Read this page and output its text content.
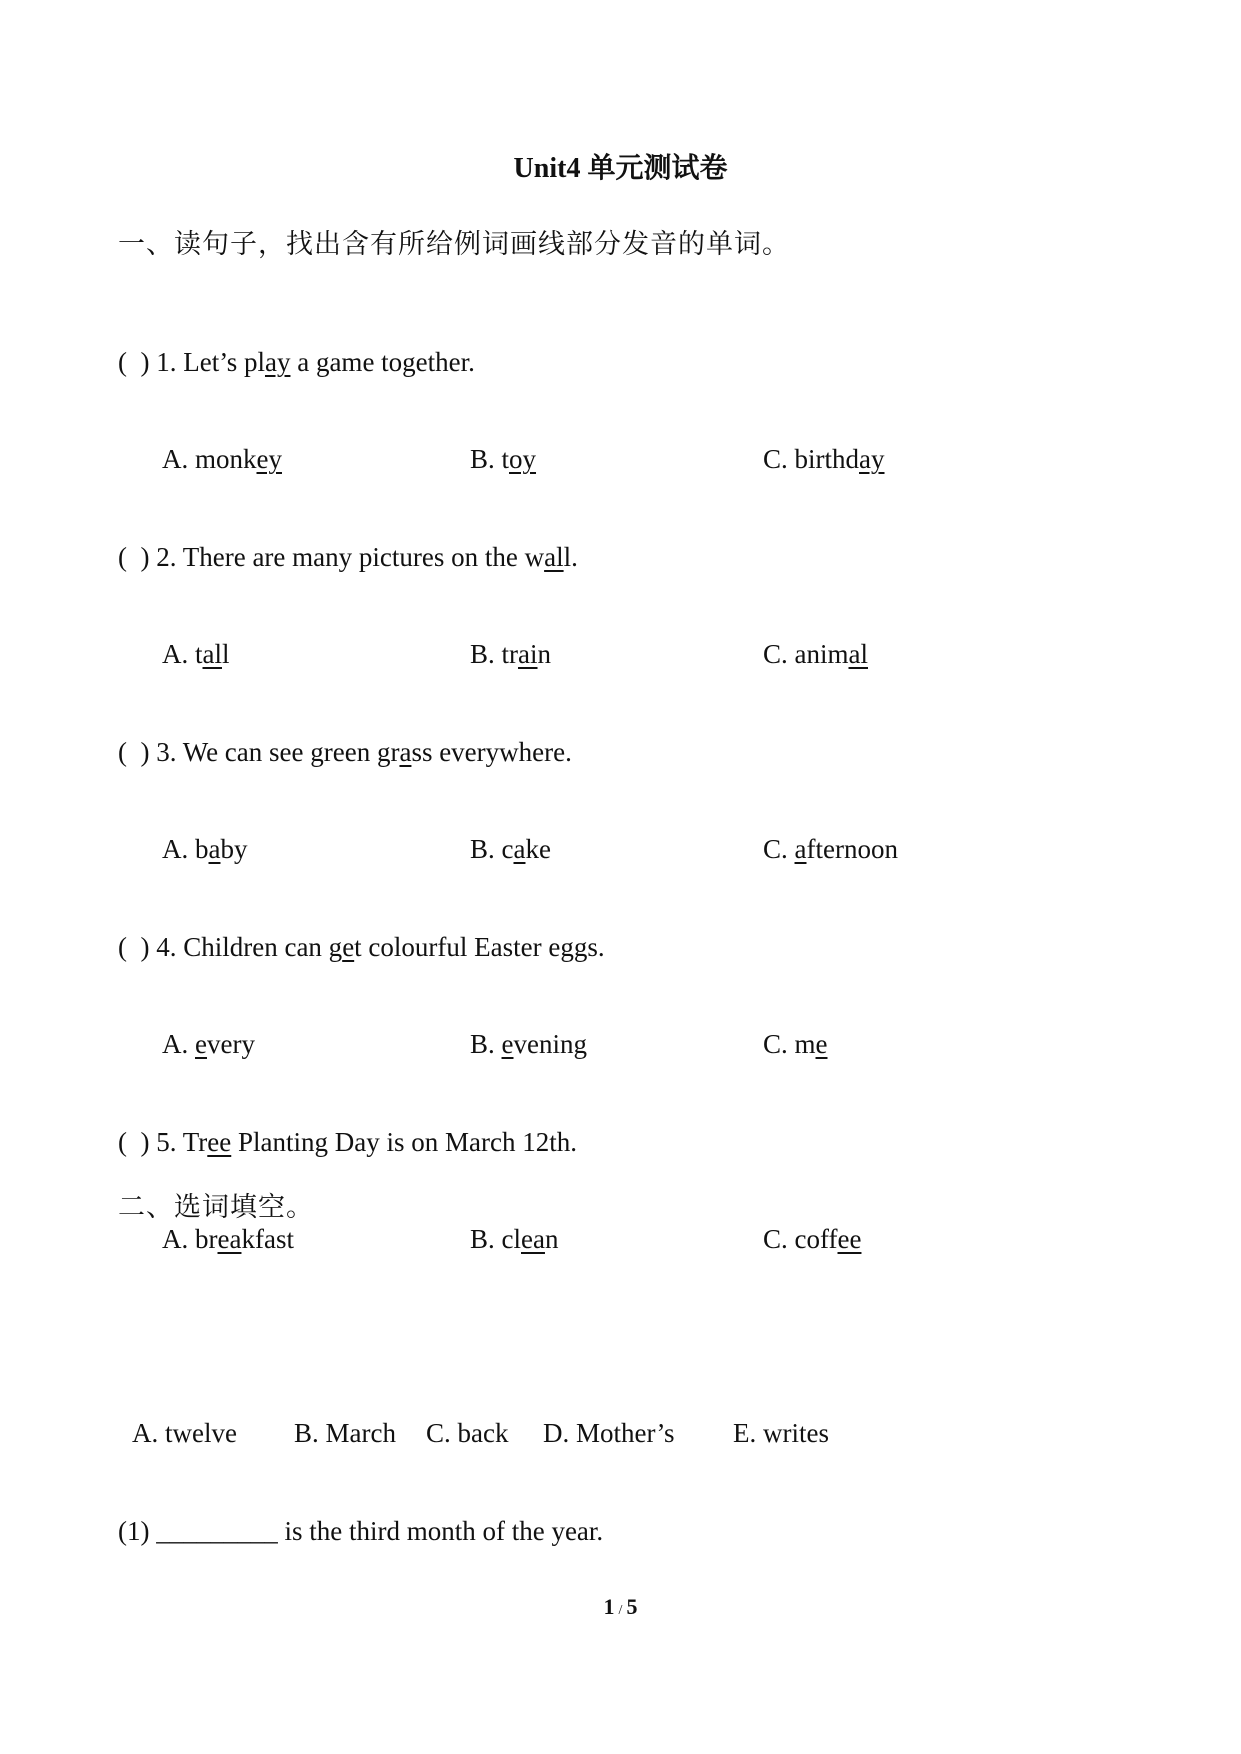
Unit4 单元测试卷
一、读句子，找出含有所给例词画线部分发音的单词。
(  ) 1. Let’s play a game together.
A. monkey	B. toy	C. birthday
(  ) 2. There are many pictures on the wall.
A. tall	B. train	C. animal
(  ) 3. We can see green grass everywhere.
A. baby	B. cake	C. afternoon
(  ) 4. Children can get colourful Easter eggs.
A. every	B. evening	C. me
(  ) 5. Tree Planting Day is on March 12th.
A. breakfast	B. clean	C. coffee
二、选词填空。
A. twelve B. March C. back D. Mother’s E. writes
(1) _________ is the third month of the year.
1 / 5
